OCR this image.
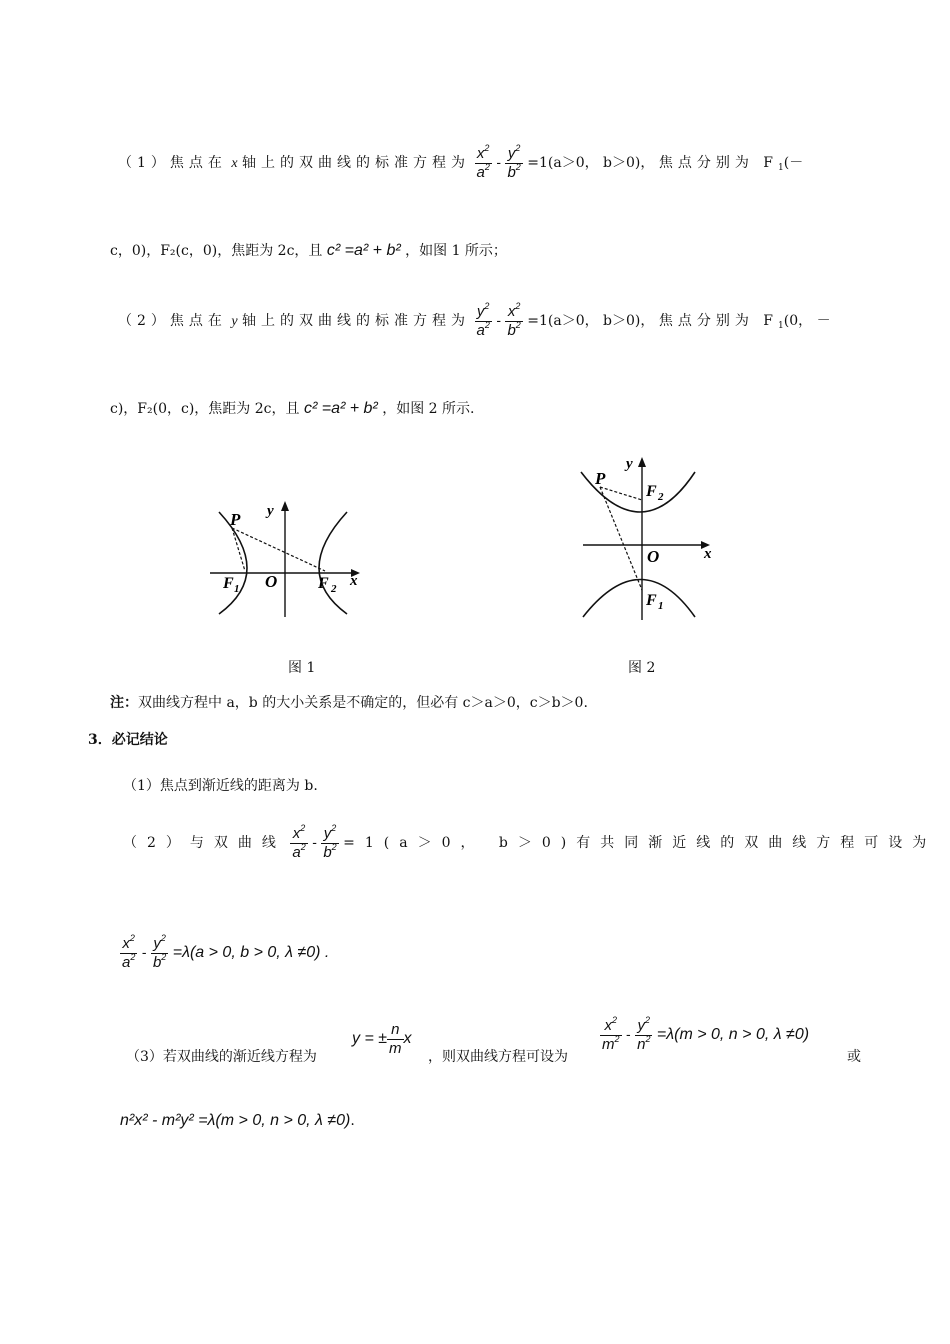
（1）焦点在 x 轴上的双曲线的标准方程为 $\frac{x^2}{a^2} - \frac{y^2}{b^2} =1(a>0$， b＞0)， 焦点分别为 $F_1(-$
c，0)，F₂(c，0)，焦距为 2c，且 c² =a² + b² ，如图 1 所示；
（2）焦点在 y 轴上的双曲线的标准方程为 $\frac{y^2}{a^2} - \frac{x^2}{b^2} =1(a>0$， b＞0)， 焦点分别为 $F_1(0$， －
c)，F₂(0，c)，焦距为 2c，且 c² =a² + b² ，如图 2 所示.
P y
F 1 O	F 2 x
P
y
F 2
O	x
F 1
图 1	图 2
注：双曲线方程中 a，b 的大小关系是不确定的，但必有 c＞a＞0，c＞b＞0.
3．必记结论
（1）焦点到渐近线的距离为 b.
（2）与双曲线 $\frac{x^2}{a^2} - \frac{y^2}{b^2} =1(a>0$， b＞0)有共同渐近线的双曲线方程可设为
$\frac{x^2}{a^2} - \frac{y^2}{b^2} =\lambda(a > 0$, b > 0, λ ≠0) .
（3）若双曲线的渐近线方程为
y = ± $\frac{n}{m}$ x
，则双曲线方程可设为
$\frac{x^2}{m^2} - \frac{y^2}{n^2} =\lambda(m > 0$, n > 0, λ ≠0)
或
n²x² - m²y² =λ(m > 0, n > 0, λ ≠0).
